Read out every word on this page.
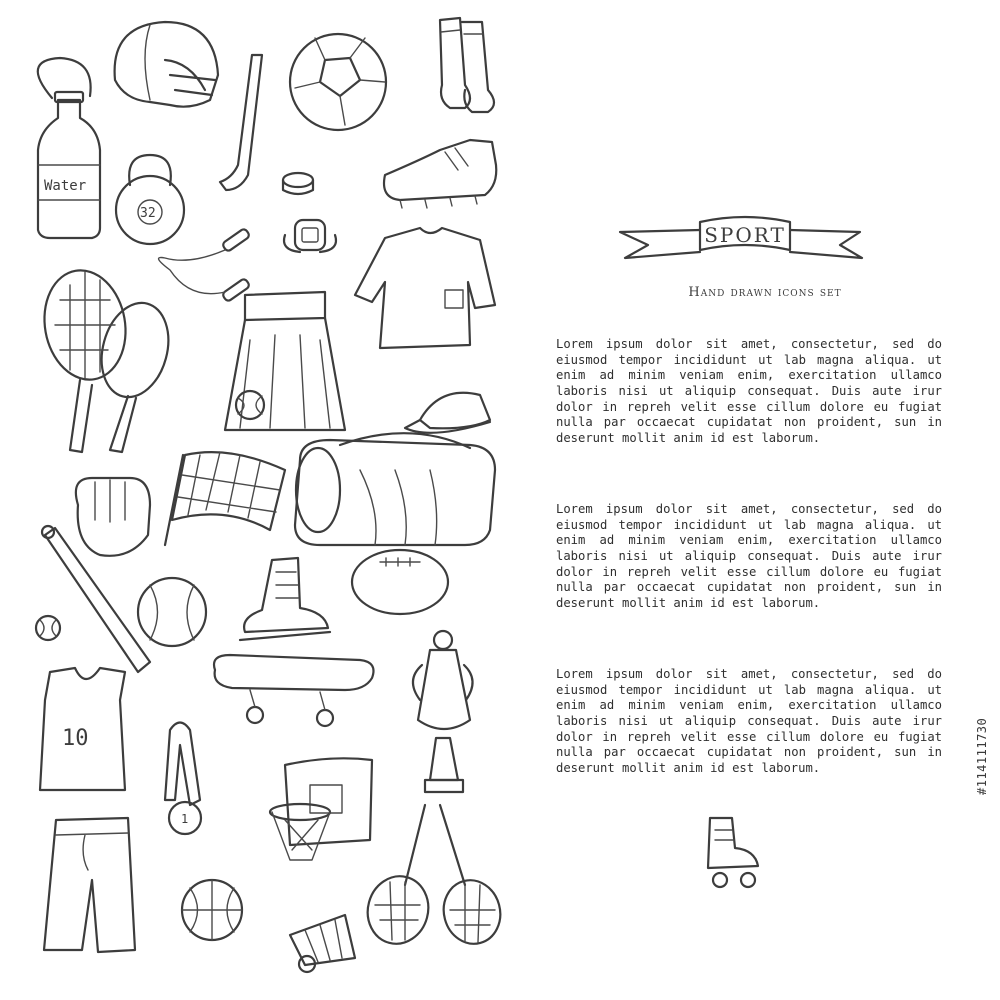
Water
32
10
1
SPORT
Hand drawn icons set

Lorem ipsum dolor sit amet, consectetur, sed do eiusmod tempor incididunt ut lab magna aliqua. ut enim ad minim veniam enim, exercitation ullamco laboris nisi ut aliquip consequat. Duis aute irur dolor in repreh velit esse cillum dolore eu fugiat nulla par occaecat cupidatat non proident, sun in deserunt mollit anim id est laborum.

Lorem ipsum dolor sit amet, consectetur, sed do eiusmod tempor incididunt ut lab magna aliqua. ut enim ad minim veniam enim, exercitation ullamco laboris nisi ut aliquip consequat. Duis aute irur dolor in repreh velit esse cillum dolore eu fugiat nulla par occaecat cupidatat non proident, sun in deserunt mollit anim id est laborum.

Lorem ipsum dolor sit amet, consectetur, sed do eiusmod tempor incididunt ut lab magna aliqua. ut enim ad minim veniam enim, exercitation ullamco laboris nisi ut aliquip consequat. Duis aute irur dolor in repreh velit esse cillum dolore eu fugiat nulla par occaecat cupidatat non proident, sun in deserunt mollit anim id est laborum.	#114111730
